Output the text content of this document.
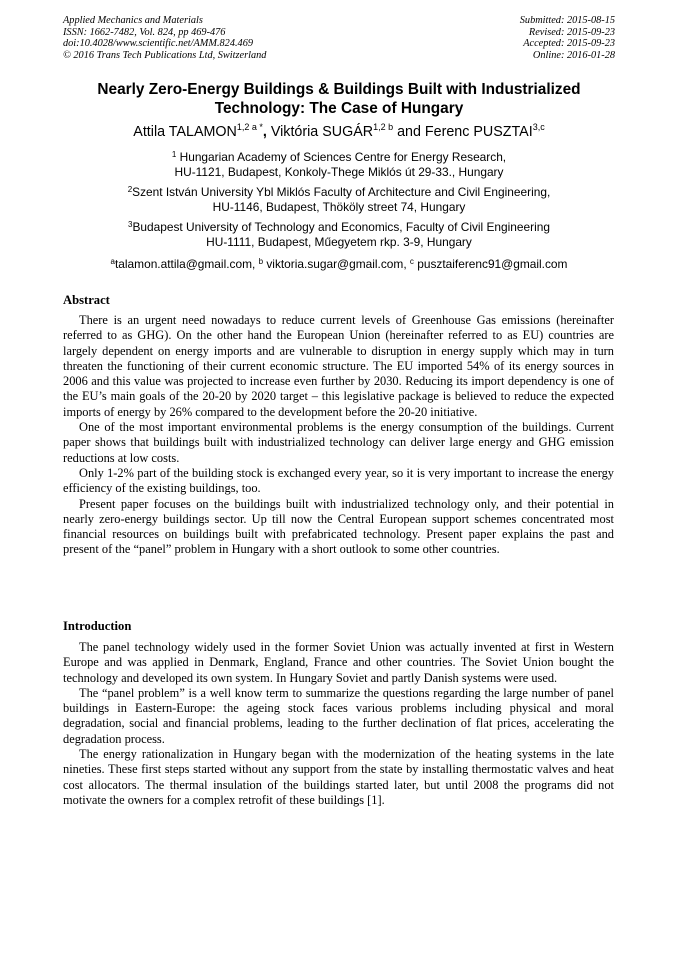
Applied Mechanics and Materials
ISSN: 1662-7482, Vol. 824, pp 469-476
doi:10.4028/www.scientific.net/AMM.824.469
© 2016 Trans Tech Publications Ltd, Switzerland
Submitted: 2015-08-15
Revised: 2015-09-23
Accepted: 2015-09-23
Online: 2016-01-28
Nearly Zero-Energy Buildings & Buildings Built with Industrialized
Technology: The Case of Hungary
Attila $TALAMON^{1,2 a *}$, Viktória $SUGÁR^{1,2 b}$ and Ferenc PUSZTAI$^{3,c}$
$^1$ Hungarian Academy of Sciences Centre for Energy Research,
HU-1121, Budapest, Konkoly-Thege Miklós út 29-33., Hungary
$^2$Szent István University Ybl Miklós Faculty of Architecture and Civil Engineering,
HU-1146, Budapest, Thököly street 74, Hungary
$^3$Budapest University of Technology and Economics, Faculty of Civil Engineering
HU-1111, Budapest, Műegyetem rkp. 3-9, Hungary
$^a$talamon.attila@gmail.com, $^b$ viktoria.sugar@gmail.com, $^c$ pusztaiferenc91@gmail.com
Abstract

There is an urgent need nowadays to reduce current levels of Greenhouse Gas emissions (hereinafter referred to as GHG). On the other hand the European Union (hereinafter referred to as EU) countries are largely dependent on energy imports and are vulnerable to disruption in energy supply which may in turn threaten the functioning of their current economic structure. The EU imported 54% of its energy sources in 2006 and this value was projected to increase even further by 2030. Reducing its import dependency is one of the EU’s main goals of the 20-20 by 2020 target – this legislative package is believed to reduce the expected imports of energy by 26% compared to the development before the 20-20 initiative.

One of the most important environmental problems is the energy consumption of the buildings. Current paper shows that buildings built with industrialized technology can deliver large energy and GHG emission reductions at low costs.

Only 1-2% part of the building stock is exchanged every year, so it is very important to increase the energy efficiency of the existing buildings, too.

Present paper focuses on the buildings built with industrialized technology only, and their potential in nearly zero-energy buildings sector. Up till now the Central European support schemes concentrated most financial resources on buildings built with prefabricated technology. Present paper explains the past and present of the “panel” problem in Hungary with a short outlook to some other countries.

Introduction

The panel technology widely used in the former Soviet Union was actually invented at first in Western Europe and was applied in Denmark, England, France and other countries. The Soviet Union bought the technology and developed its own system. In Hungary Soviet and partly Danish systems were used.

The “panel problem” is a well know term to summarize the questions regarding the large number of panel buildings in Eastern-Europe: the ageing stock faces various problems including physical and moral degradation, social and financial problems, leading to the further declination of flat prices, accelerating the degradation process.

The energy rationalization in Hungary began with the modernization of the heating systems in the late nineties. These first steps started without any support from the state by installing thermostatic valves and heat cost allocators. The thermal insulation of the buildings started later, but until 2008 the programs did not motivate the owners for a complex retrofit of these buildings [1].
